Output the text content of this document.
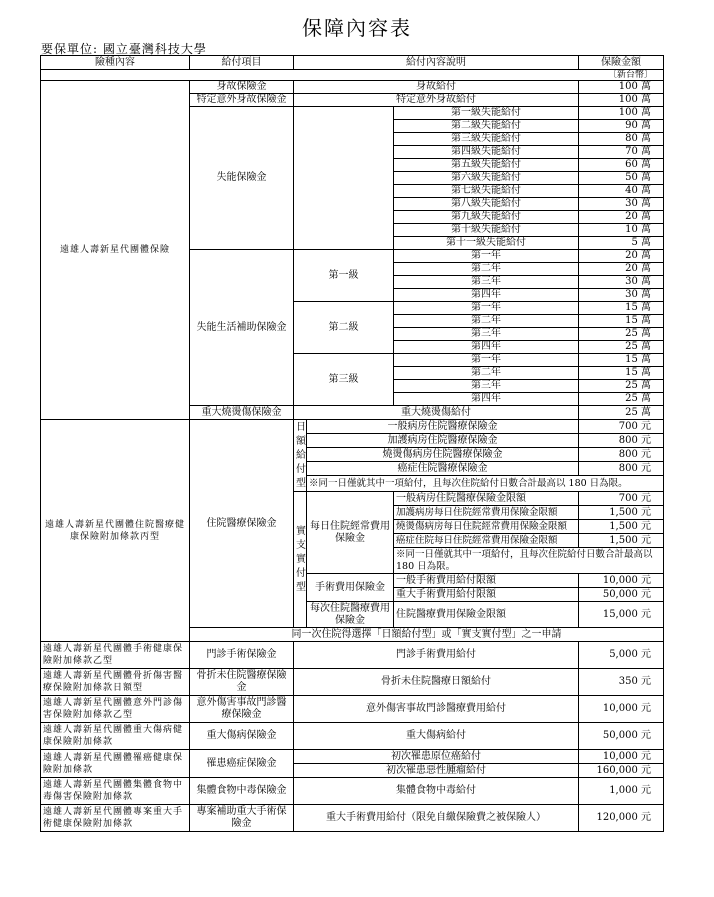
保障內容表
要保單位: 國立臺灣科技大學
險種內容	給付項目	給付內容說明			保險金額
〔新台幣〕					
遠雄人壽新星代團體保險	身故保險金	身故給付			100 萬
	特定意外身故保險金	特定意外身故給付			100 萬
	失能保險金			第一級失能給付	100 萬
				第二級失能給付	90 萬
				第三級失能給付	80 萬
				第四級失能給付	70 萬
				第五級失能給付	60 萬
				第六級失能給付	50 萬
				第七級失能給付	40 萬
				第八級失能給付	30 萬
				第九級失能給付	20 萬
				第十級失能給付	10 萬
				第十一級失能給付	5 萬
	失能生活補助保險金	第一級		第一年	20 萬
				第二年	20 萬
				第三年	30 萬
				第四年	30 萬
		第二級		第一年	15 萬
				第二年	15 萬
				第三年	25 萬
				第四年	25 萬
		第三級		第一年	15 萬
				第二年	15 萬
				第三年	25 萬
				第四年	25 萬
	重大燒燙傷保險金	重大燒燙傷給付			25 萬
遠雄人壽新星代團體住院醫療健康保險附加條款丙型	住院醫療保險金	日額給付型	一般病房住院醫療保險金		700 元
			加護病房住院醫療保險金		800 元
			燒燙傷病房住院醫療保險金		800 元
			癌症住院醫療保險金		800 元
			※同一日僅就其中一項給付，且每次住院給付日數合計最高以 180 日為限。		
		實支實付型	每日住院經常費用保險金	一般病房住院醫療保險金限額	700 元
				加護病房每日住院經常費用保險金限額	1,500 元
				燒燙傷病房每日住院經常費用保險金限額	1,500 元
				癌症住院每日住院經常費用保險金限額	1,500 元
				※同一日僅就其中一項給付，且每次住院給付日數合計最高以 180 日為限。	
			手術費用保險金	一般手術費用給付限額	10,000 元
				重大手術費用給付限額	50,000 元
			每次住院醫療費用保險金	住院醫療費用保險金限額	15,000 元
	同一次住院得選擇「日額給付型」或「實支實付型」之一申請				
遠雄人壽新星代團體手術健康保險附加條款乙型	門診手術保險金	門診手術費用給付			5,000 元
遠雄人壽新星代團體骨折傷害醫療保險附加條款日額型	骨折未住院醫療保險金	骨折未住院醫療日額給付			350 元
遠雄人壽新星代團體意外門診傷害保險附加條款乙型	意外傷害事故門診醫療保險金	意外傷害事故門診醫療費用給付			10,000 元
遠雄人壽新星代團體重大傷病健康保險附加條款	重大傷病保險金	重大傷病給付			50,000 元
遠雄人壽新星代團體罹癌健康保險附加條款	罹患癌症保險金	初次罹患原位癌給付			10,000 元
		初次罹患惡性腫瘤給付			160,000 元
遠雄人壽新星代團體集體食物中毒傷害保險附加條款	集體食物中毒保險金	集體食物中毒給付			1,000 元
遠雄人壽新星代團體專案重大手術健康保險附加條款	專案補助重大手術保險金	重大手術費用給付（限免自繳保險費之被保險人）			120,000 元
